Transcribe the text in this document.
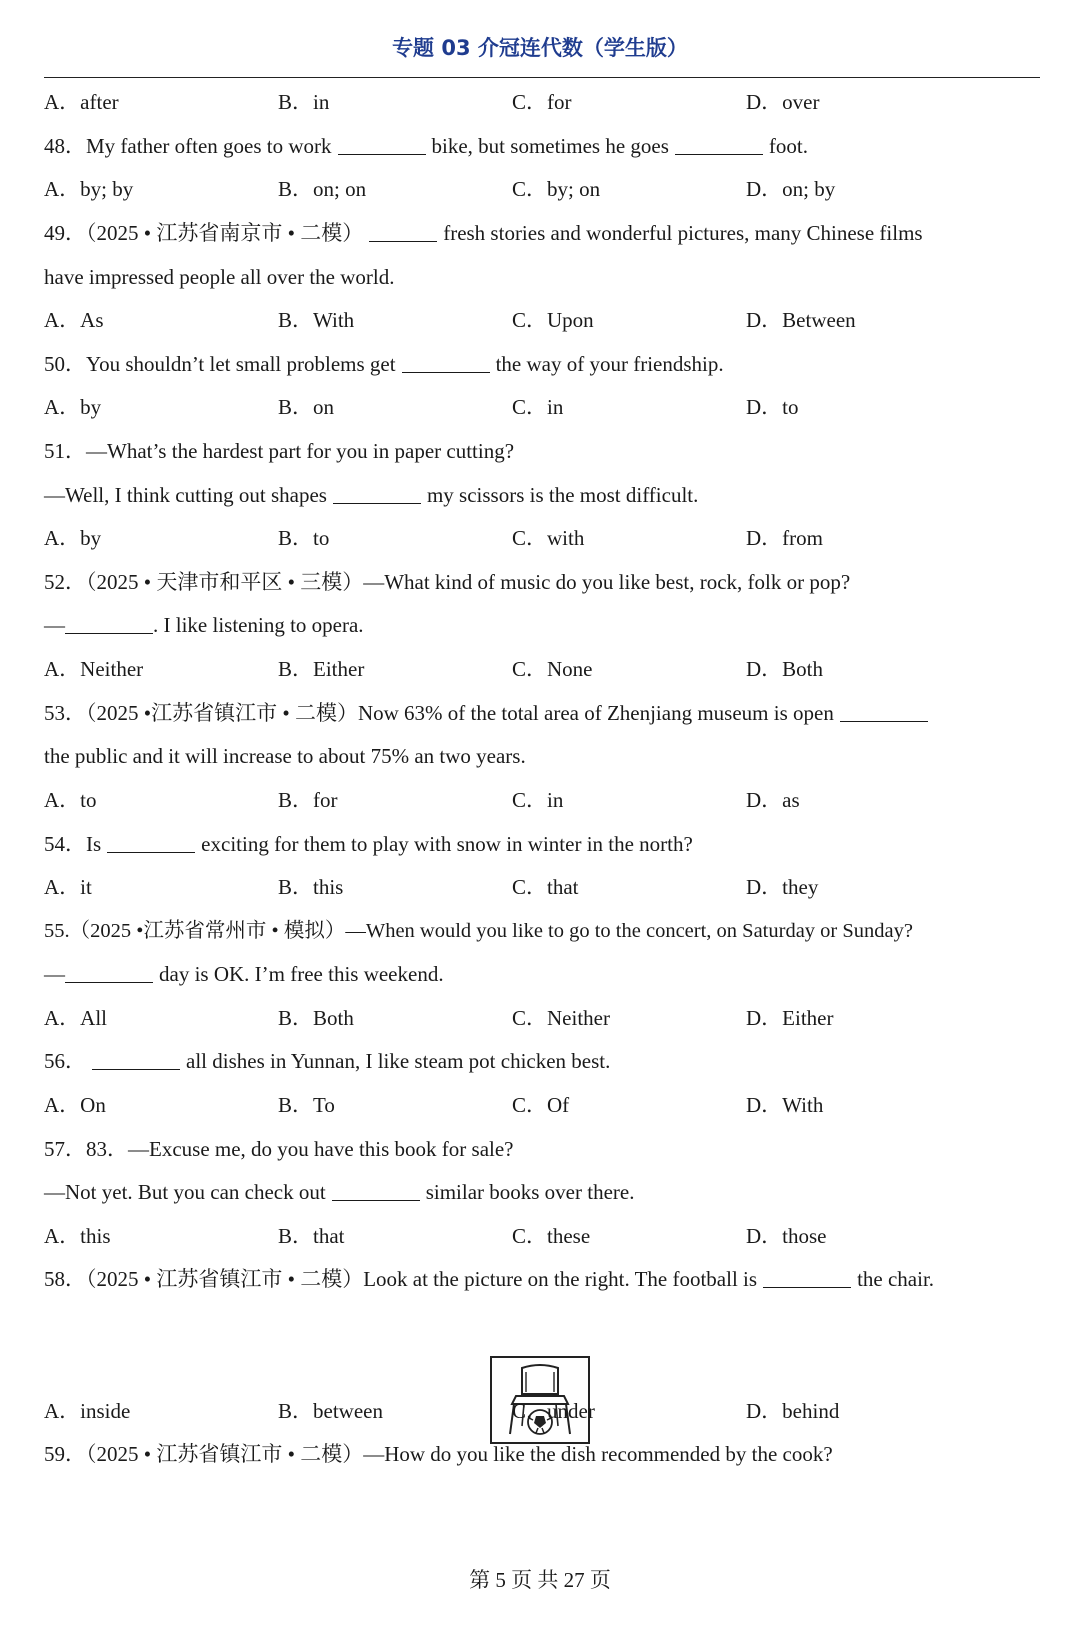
专题 03 介冠连代数（学生版）
A．after	B．in	C．for	D．over
48．My father often goes to work	bike, but sometimes he goes	foot.
A．by; by	B．on; on	C．by; on	D．on; by
49．（2025 • 江苏省南京市 • 二模）	fresh stories and wonderful pictures, many Chinese films
have impressed people all over the world.
A．As	B．With	C．Upon	D．Between
50．You shouldn’t let small problems get	the way of your friendship.
A．by	B．on	C．in	D．to
51．—What’s the hardest part for you in paper cutting?
—Well, I think cutting out shapes	my scissors is the most difficult.
A．by	B．to	C．with	D．from
52．（2025 • 天津市和平区 • 三模）—What kind of music do you like best, rock, folk or pop?
—	. I like listening to opera.
A．Neither	B．Either	C．None	D．Both
53．（2025 •江苏省镇江市 • 二模）Now 63% of the total area of Zhenjiang museum is open
the public and it will increase to about 75% an two years.
A．to	B．for	C．in	D．as
54．Is	exciting for them to play with snow in winter in the north?
A．it	B．this	C．that	D．they
55.（2025 •江苏省常州市 • 模拟）—When would you like to go to the concert, on Saturday or Sunday?
—	day is OK. I’m free this weekend.
A．All	B．Both	C．Neither	D．Either
56．	all dishes in Yunnan, I like steam pot chicken best.
A．On	B．To	C．Of	D．With
57．83．—Excuse me, do you have this book for sale?
—Not yet. But you can check out	similar books over there.
A．this	B．that	C．these	D．those
58．（2025 • 江苏省镇江市 • 二模）Look at the picture on the right. The football is	the chair.
A．inside	B．between	C．under	D．behind
59．（2025 • 江苏省镇江市 • 二模）—How do you like the dish recommended by the cook?
第 5 页 共 27 页
